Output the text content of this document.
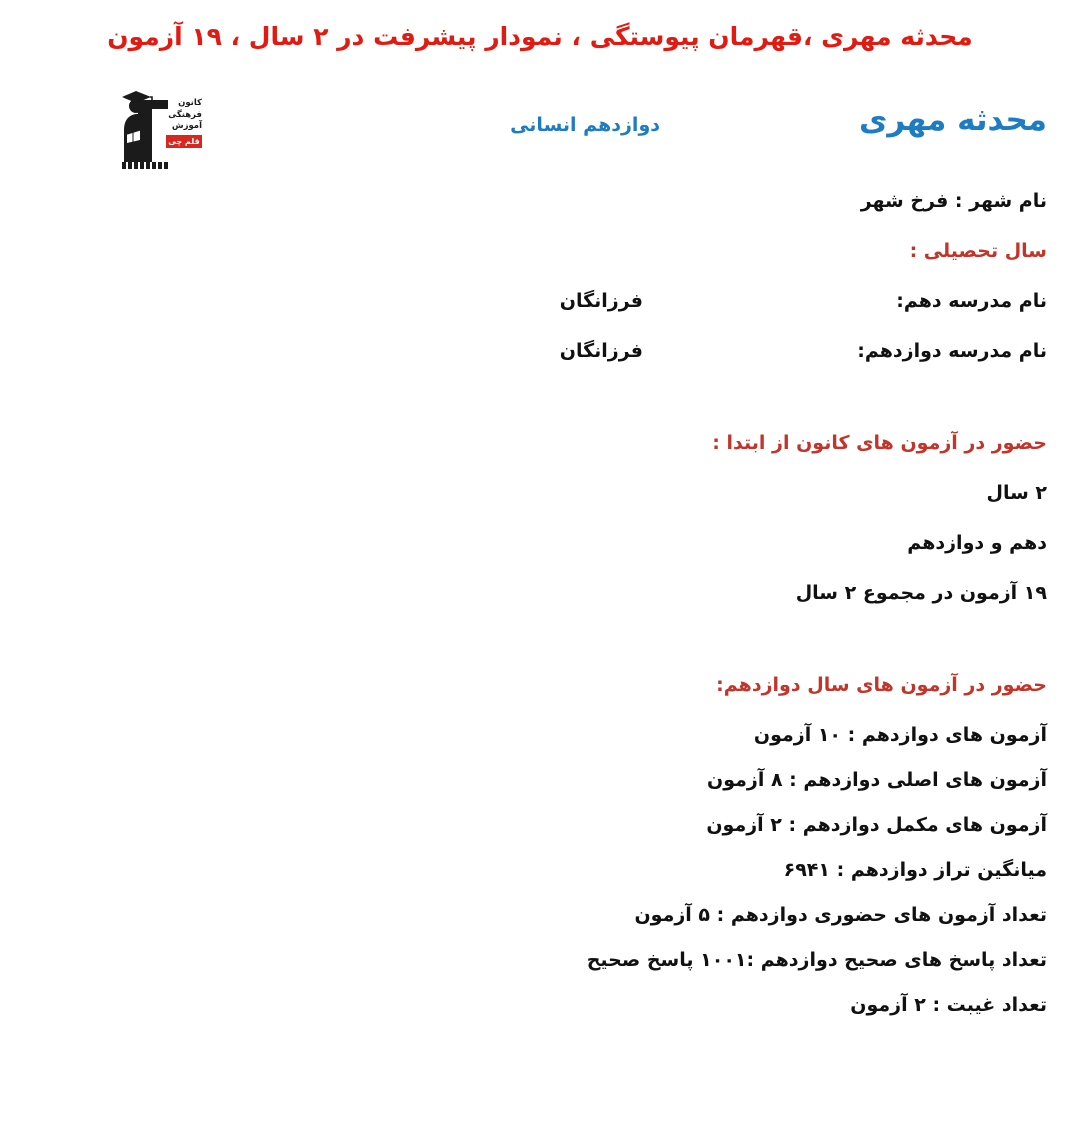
محدثه مهری ،قهرمان پیوستگی ، نمودار پیشرفت در ۲ سال ، ۱۹ آزمون
کانون
فرهنگی
آموزش
قلم چی
محدثه مهری
دوازدهم انسانی
نام شهر : فرخ شهر
سال تحصیلی :
نام مدرسه دهم:
فرزانگان
نام مدرسه دوازدهم:
فرزانگان
حضور در آزمون های کانون از ابتدا :
۲ سال
دهم و دوازدهم
۱۹ آزمون در مجموع ۲ سال
حضور در آزمون های سال دوازدهم:
آزمون های دوازدهم : ۱۰ آزمون
آزمون های اصلی دوازدهم : ۸ آزمون
آزمون های مکمل دوازدهم : ۲ آزمون
میانگین تراز دوازدهم : ۶۹۴۱
تعداد آزمون های حضوری دوازدهم : ۵ آزمون
تعداد پاسخ های صحیح دوازدهم :۱۰۰۱ پاسخ صحیح
تعداد غیبت : ۲ آزمون
